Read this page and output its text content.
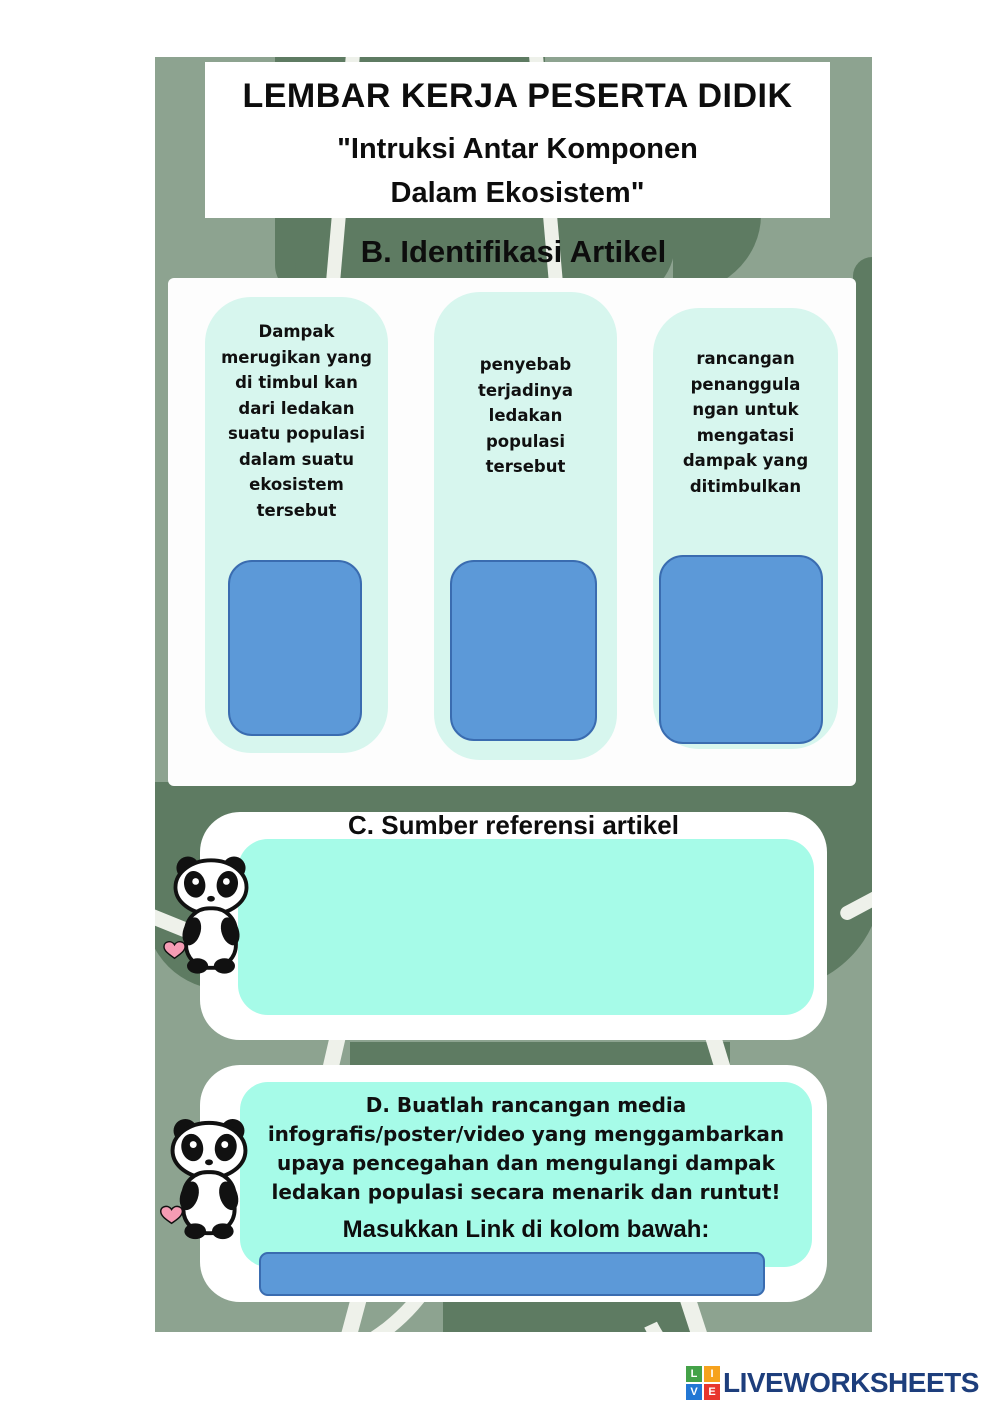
LEMBAR KERJA PESERTA DIDIK
"Intruksi Antar Komponen
Dalam Ekosistem"
B. Identifikasi Artikel
Dampak merugikan yang di timbul kan dari ledakan suatu populasi dalam suatu ekosistem tersebut
penyebab terjadinya ledakan populasi tersebut
rancangan penanggula ngan untuk mengatasi dampak yang ditimbulkan
C. Sumber referensi artikel
D. Buatlah rancangan media
infografis/poster/video yang menggambarkan
upaya pencegahan dan mengulangi dampak
ledakan populasi secara menarik dan runtut!
Masukkan Link di kolom bawah:
L	I
V E LIVEWORKSHEETS
